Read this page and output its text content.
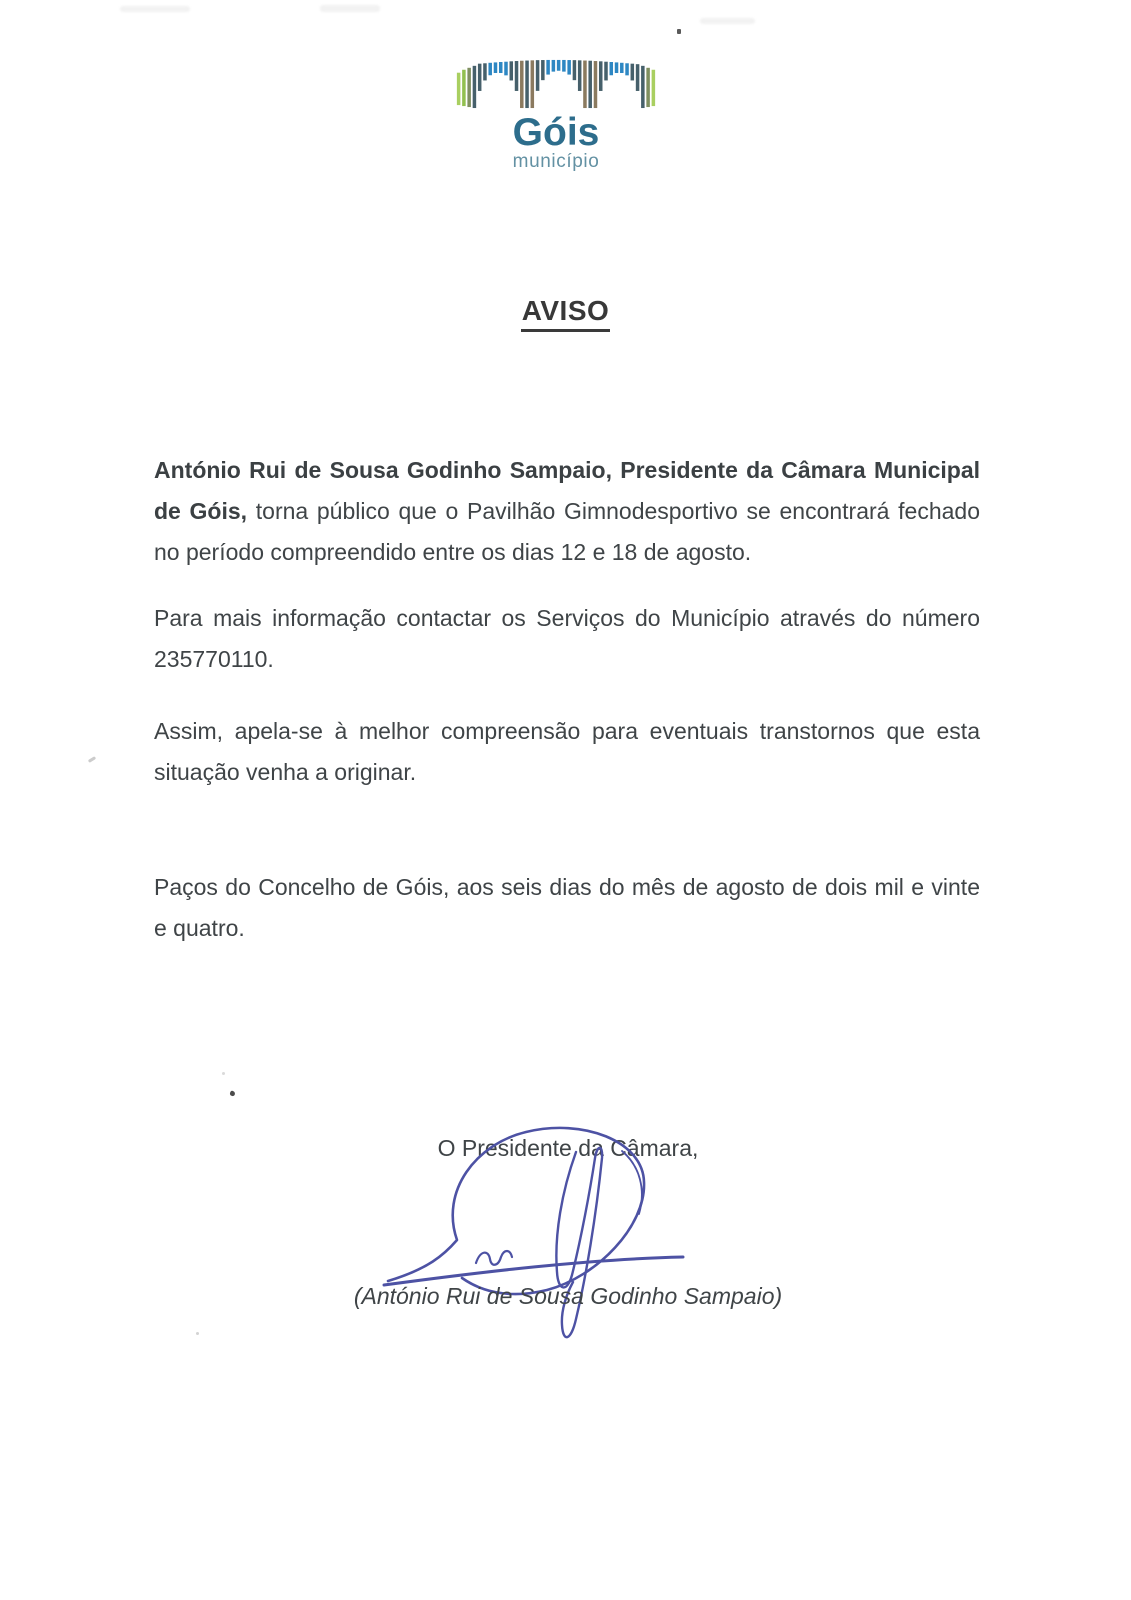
Góis
município
AVISO

António Rui de Sousa Godinho Sampaio, Presidente da Câmara Municipal de Góis, torna público que o Pavilhão Gimnodesportivo se encontrará fechado no período compreendido entre os dias 12 e 18 de agosto.

Para mais informação contactar os Serviços do Município através do número 235770110.

Assim, apela-se à melhor compreensão para eventuais transtornos que esta situação venha a originar.

Paços do Concelho de Góis, aos seis dias do mês de agosto de dois mil e vinte e quatro.

O Presidente da Câmara,
(António Rui de Sousa Godinho Sampaio)
